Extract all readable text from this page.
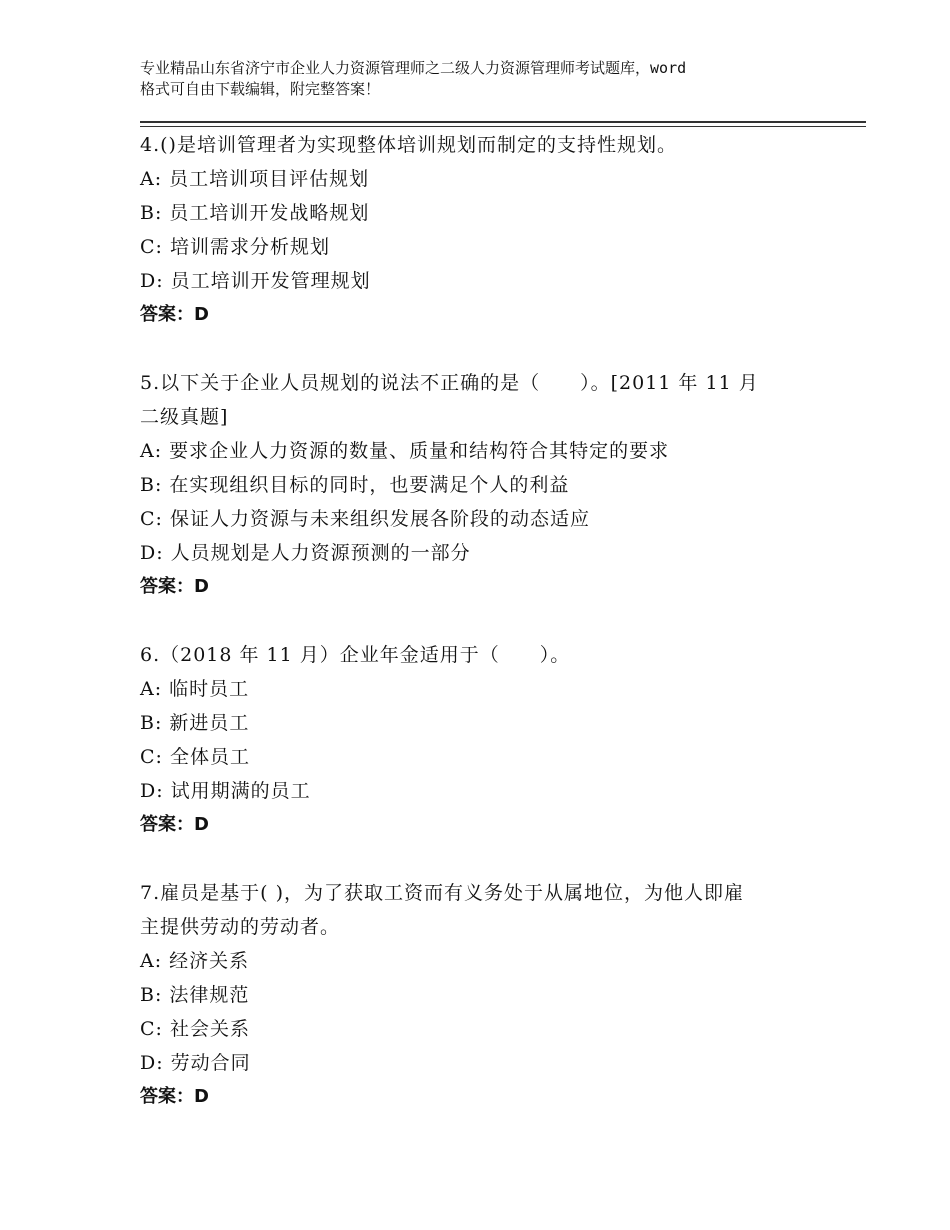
专业精品山东省济宁市企业人力资源管理师之二级人力资源管理师考试题库，word
格式可自由下载编辑，附完整答案！

4.()是培训管理者为实现整体培训规划而制定的支持性规划。

A: 员工培训项目评估规划

B: 员工培训开发战略规划

C: 培训需求分析规划

D: 员工培训开发管理规划

答案：D

5.以下关于企业人员规划的说法不正确的是（　　）。[2011 年 11 月

二级真题]

A: 要求企业人力资源的数量、质量和结构符合其特定的要求

B: 在实现组织目标的同时，也要满足个人的利益

C: 保证人力资源与未来组织发展各阶段的动态适应

D: 人员规划是人力资源预测的一部分

答案：D

6.（2018 年 11 月）企业年金适用于（　　）。

A: 临时员工

B: 新进员工

C: 全体员工

D: 试用期满的员工

答案：D

7.雇员是基于( )，为了获取工资而有义务处于从属地位，为他人即雇

主提供劳动的劳动者。

A: 经济关系

B: 法律规范

C: 社会关系

D: 劳动合同

答案：D
